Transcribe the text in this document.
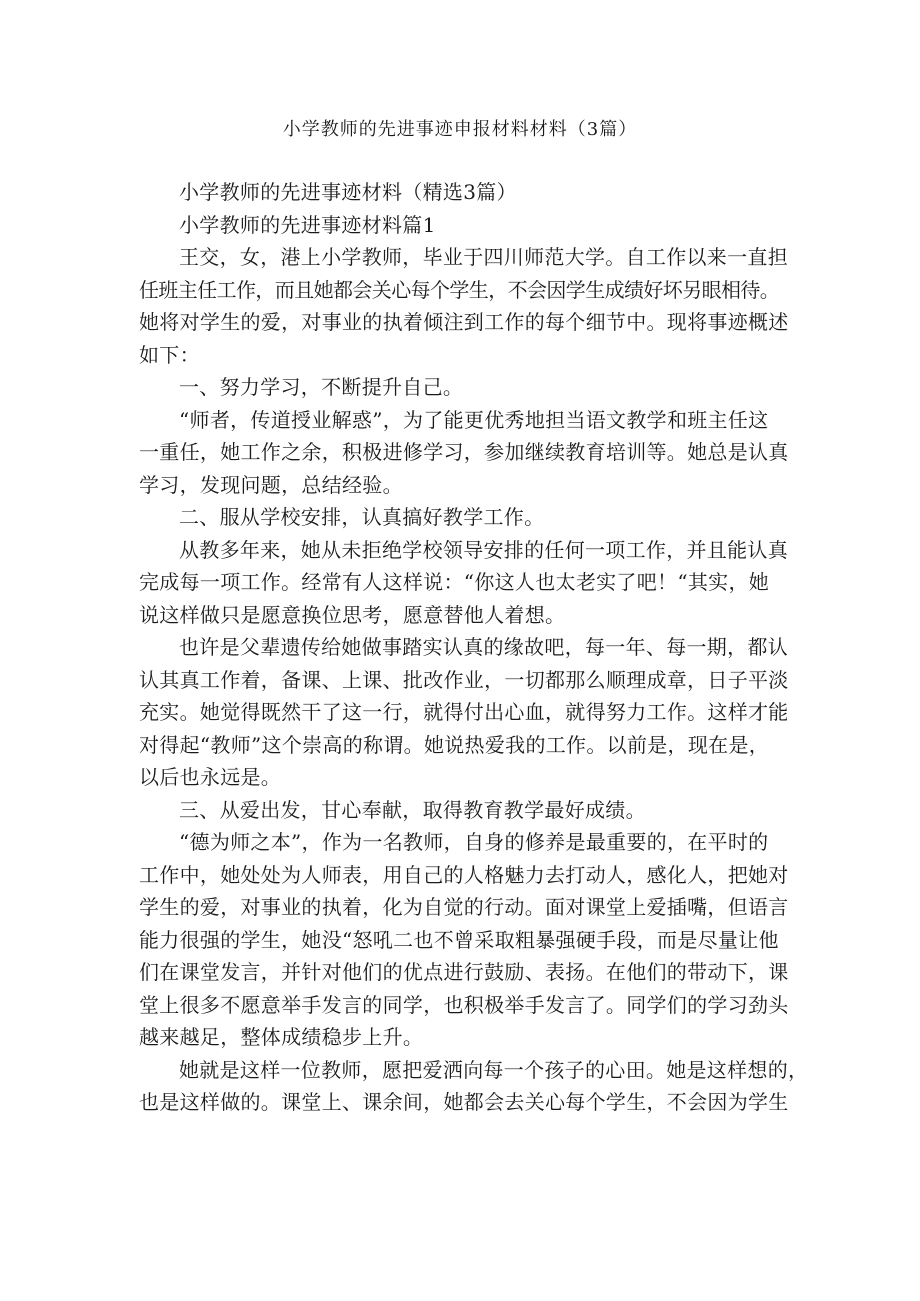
小学教师的先进事迹申报材料材料（3篇）
小学教师的先进事迹材料（精选3篇）
小学教师的先进事迹材料篇1
王交，女，港上小学教师，毕业于四川师范大学。自工作以来一直担
任班主任工作，而且她都会关心每个学生，不会因学生成绩好坏另眼相待。
她将对学生的爱，对事业的执着倾注到工作的每个细节中。现将事迹概述
如下：
一、努力学习，不断提升自己。
“师者，传道授业解惑”，为了能更优秀地担当语文教学和班主任这
一重任，她工作之余，积极进修学习，参加继续教育培训等。她总是认真
学习，发现问题，总结经验。
二、服从学校安排，认真搞好教学工作。
从教多年来，她从未拒绝学校领导安排的任何一项工作，并且能认真
完成每一项工作。经常有人这样说：“你这人也太老实了吧！“其实，她
说这样做只是愿意换位思考，愿意替他人着想。
也许是父辈遗传给她做事踏实认真的缘故吧，每一年、每一期，都认
认其真工作着，备课、上课、批改作业，一切都那么顺理成章，日子平淡
充实。她觉得既然干了这一行，就得付出心血，就得努力工作。这样才能
对得起“教师”这个崇高的称谓。她说热爱我的工作。以前是，现在是，
以后也永远是。
三、从爱出发，甘心奉献，取得教育教学最好成绩。
“德为师之本”，作为一名教师，自身的修养是最重要的，在平时的
工作中，她处处为人师表，用自己的人格魅力去打动人，感化人，把她对
学生的爱，对事业的执着，化为自觉的行动。面对课堂上爱插嘴，但语言
能力很强的学生，她没“怒吼二也不曾采取粗暴强硬手段，而是尽量让他
们在课堂发言，并针对他们的优点进行鼓励、表扬。在他们的带动下，课
堂上很多不愿意举手发言的同学，也积极举手发言了。同学们的学习劲头
越来越足，整体成绩稳步上升。
她就是这样一位教师，愿把爱洒向每一个孩子的心田。她是这样想的，
也是这样做的。课堂上、课余间，她都会去关心每个学生，不会因为学生
